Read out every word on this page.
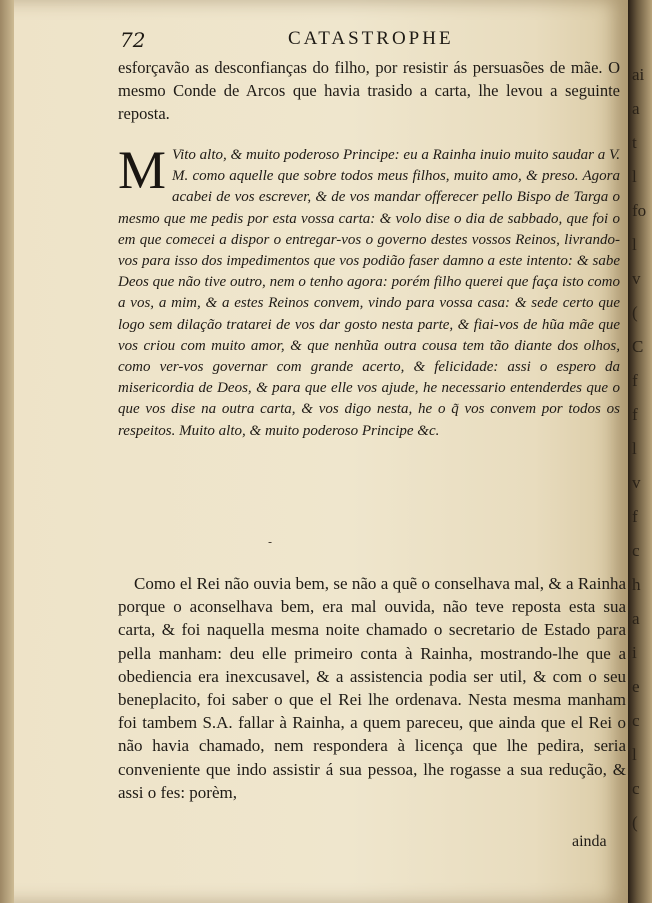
72	CATASTROPHE
esforçavão as desconfianças do filho, por resistir ás persuasões de mãe. O mesmo Conde de Arcos que havia trasido a carta, lhe levou a seguinte reposta.
M Vito alto, & muito poderoso Principe: eu a Rainha inuio muito saudar a V. M. como aquelle que sobre todos meus filhos, muito amo, & preso. Agora acabei de vos escrever, & de vos mandar offerecer pello Bispo de Targa o mesmo que me pedis por esta vossa carta: & volo dise o dia de sabbado, que foi o em que comecei a dispor o entregar-vos o governo destes vossos Reinos, livrando-vos para isso dos impedimentos que vos podião faser damno a este intento: & sabe Deos que não tive outro, nem o tenho agora: porém filho querei que faça isto como a vos, a mim, & a estes Reinos convem, vindo para vossa casa: & sede certo que logo sem dilação tratarei de vos dar gosto nesta parte, & fiai-vos de hũa mãe que vos criou com muito amor, & que nenhũa outra cousa tem tão diante dos olhos, como ver-vos governar com grande acerto, & felicidade: assi o espero da misericordia de Deos, & para que elle vos ajude, he necessario entenderdes que o que vos dise na outra carta, & vos digo nesta, he o q̃ vos convem por todos os respeitos. Muito alto, & muito poderoso Principe &c.
-
Como el Rei não ouvia bem, se não a quẽ o conselhava mal, & a Rainha porque o aconselhava bem, era mal ouvida, não teve reposta esta sua carta, & foi naquella mesma noite chamado o secretario de Estado para pella manham: deu elle primeiro conta à Rainha, mostrando-lhe que a obediencia era inexcusavel, & a assistencia podia ser util, & com o seu beneplacito, foi saber o que el Rei lhe ordenava. Nesta mesma manham foi tambem S.A. fallar à Rainha, a quem pareceu, que ainda que el Rei o não havia chamado, nem respondera à licença que lhe pedira, seria conveniente que indo assistir á sua pessoa, lhe rogasse a sua redução, & assi o fes: porèm,
ainda
ai
a
t
l
fo
l
v
(
C
f
f
l
v
f
c
h
a
i
e
c
l
c
(
